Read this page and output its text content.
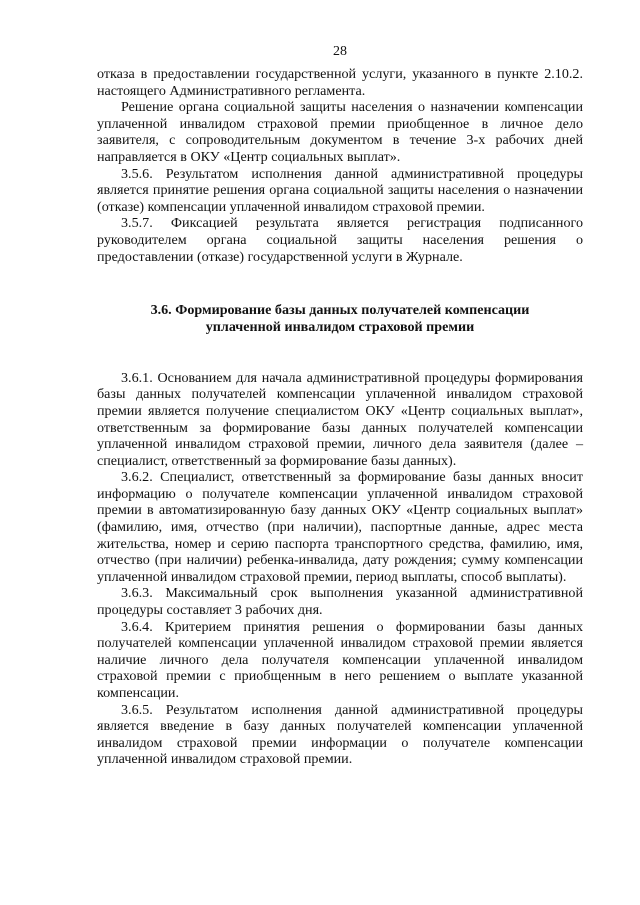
28

отказа в предоставлении государственной услуги, указанного в пункте 2.10.2. настоящего Административного регламента.

Решение органа социальной защиты населения о назначении компенсации уплаченной инвалидом страховой премии приобщенное в личное дело заявителя, с сопроводительным документом в течение 3-х рабочих дней направляется в ОКУ «Центр социальных выплат».

3.5.6. Результатом исполнения данной административной процедуры является принятие решения органа социальной защиты населения о назначении (отказе) компенсации уплаченной инвалидом страховой премии.

3.5.7. Фиксацией результата является регистрация подписанного руководителем органа социальной защиты населения решения о предоставлении (отказе) государственной услуги в Журнале.

3.6. Формирование базы данных получателей компенсации
уплаченной инвалидом страховой премии

3.6.1. Основанием для начала административной процедуры формирования базы данных получателей компенсации уплаченной инвалидом страховой премии является получение специалистом ОКУ «Центр социальных выплат», ответственным за формирование базы данных получателей компенсации уплаченной инвалидом страховой премии, личного дела заявителя (далее – специалист, ответственный за формирование базы данных).

3.6.2. Специалист, ответственный за формирование базы данных вносит информацию о получателе компенсации уплаченной инвалидом страховой премии в автоматизированную базу данных ОКУ «Центр социальных выплат» (фамилию, имя, отчество (при наличии), паспортные данные, адрес места жительства, номер и серию паспорта транспортного средства, фамилию, имя, отчество (при наличии) ребенка-инвалида, дату рождения; сумму компенсации уплаченной инвалидом страховой премии, период выплаты, способ выплаты).

3.6.3. Максимальный срок выполнения указанной административной процедуры составляет 3 рабочих дня.

3.6.4. Критерием принятия решения о формировании базы данных получателей компенсации уплаченной инвалидом страховой премии является наличие личного дела получателя компенсации уплаченной инвалидом страховой премии с приобщенным в него решением о выплате указанной компенсации.

3.6.5. Результатом исполнения данной административной процедуры является введение в базу данных получателей компенсации уплаченной инвалидом страховой премии информации о получателе компенсации уплаченной инвалидом страховой премии.
